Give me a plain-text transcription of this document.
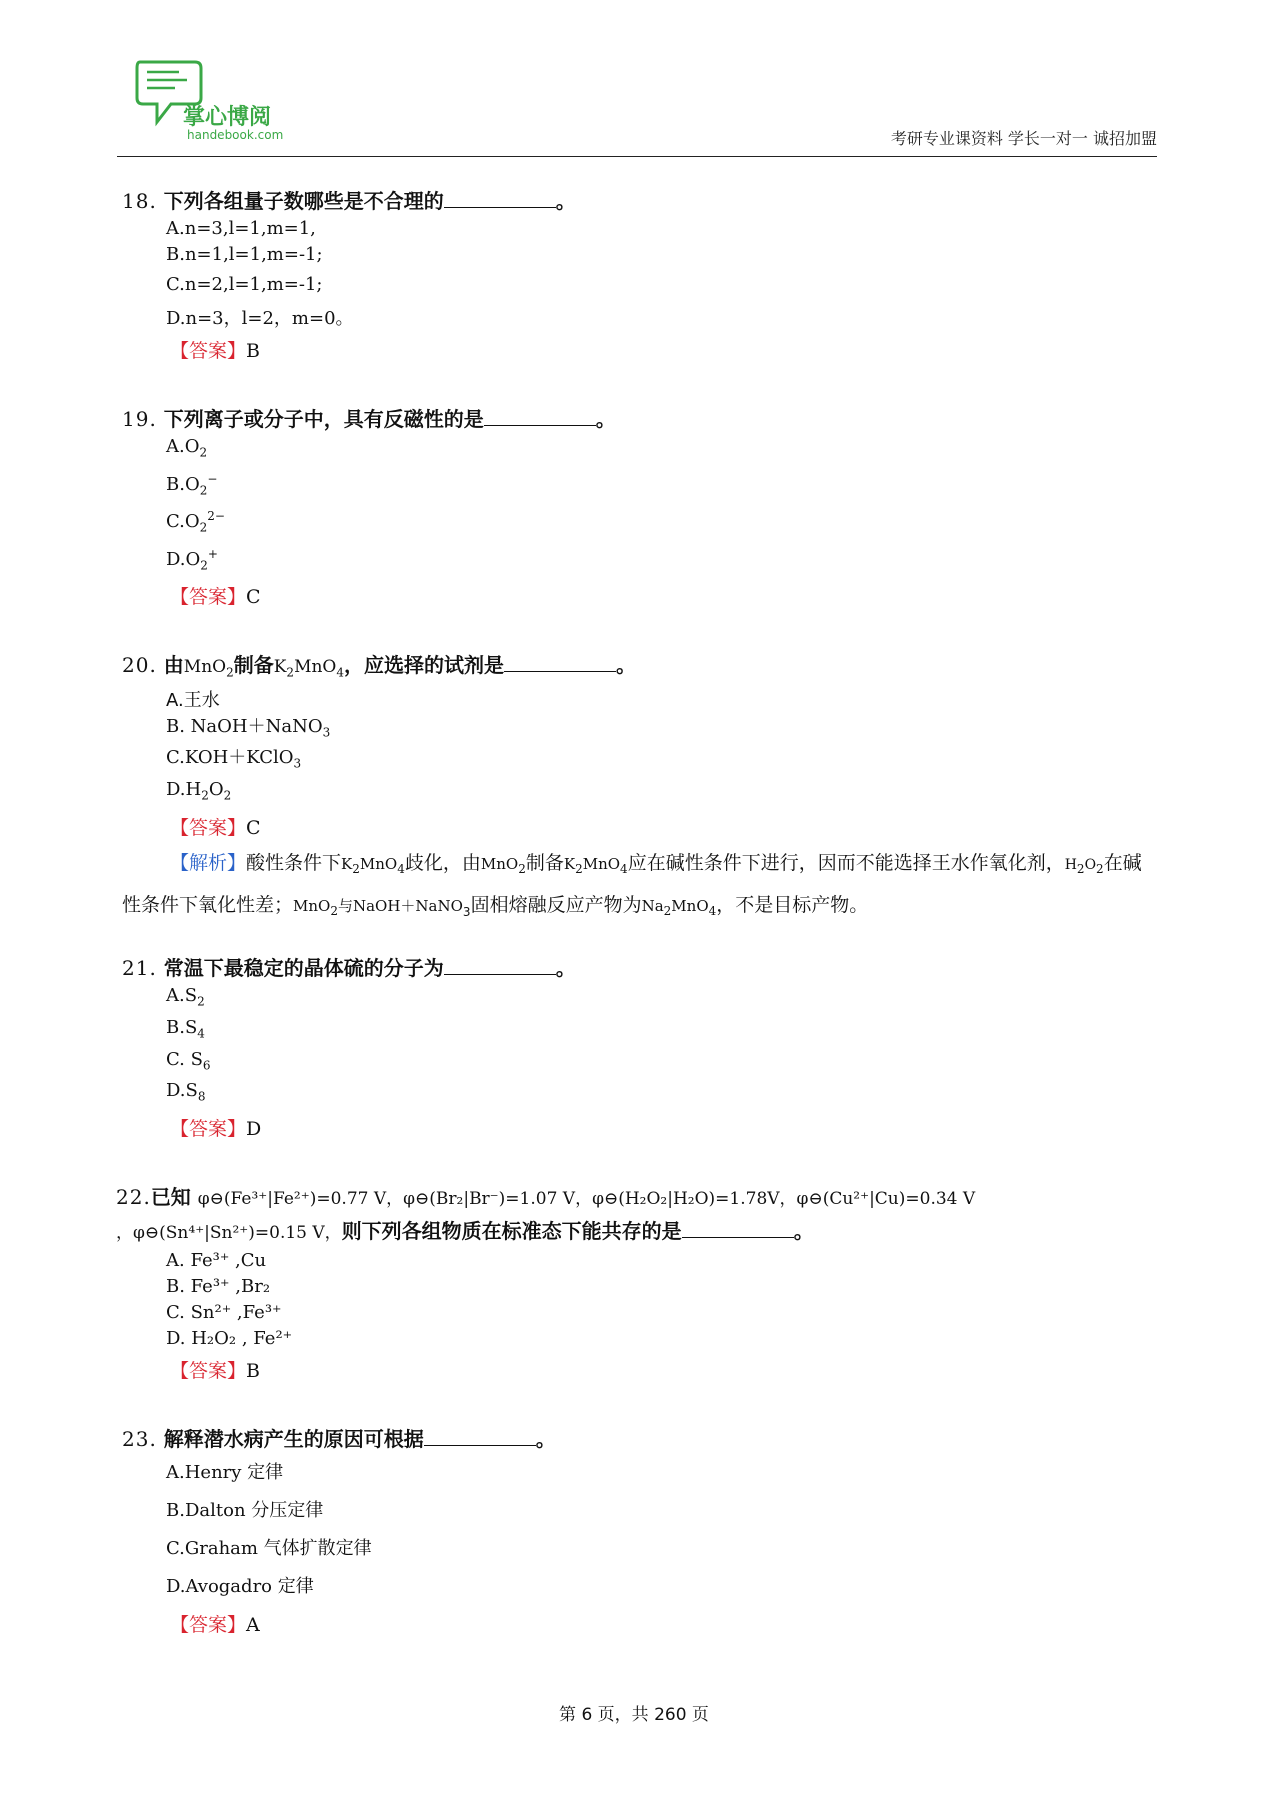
掌心博阅
handebook.com	考研专业课资料 学长一对一 诚招加盟
18. 下列各组量子数哪些是不合理的	。
A.n=3,l=1,m=1,
B.n=1,l=1,m=-1;
C.n=2,l=1,m=-1;
D.n=3，l=2，m=0。
【答案】B
19. 下列离子或分子中，具有反磁性的是	。
$A.O_2$
$B.O_2^-$
$C.O_2^{2-}$
$D.O_2^+$
【答案】C
20. 由MnO$_2$制备$K_2MnO_4$，应选择的试剂是	。
A.王水
B. NaOH＋NaNO$_3$
C.KOH＋KClO$_3$
$D.H_2O_2$
【答案】C
【解析】酸性条件下$K_2MnO_4$歧化，由MnO$_2$制备$K_2MnO_4$应在碱性条件下进行，因而不能选择王水作氧化剂，$H_2O_2$在碱性条件下氧化性差；MnO$_2$与NaOH＋NaNO$_3$固相熔融反应产物为$Na_2MnO_4$，不是目标产物。
21. 常温下最稳定的晶体硫的分子为	。
$A.S_2$
$B.S_4$
C. $S_6$
$D.S_8$
【答案】D
22.已知 φ⊖(Fe³⁺|Fe²⁺)=0.77 V，φ⊖(Br₂|Br⁻)=1.07 V，φ⊖(H₂O₂|H₂O)=1.78V，φ⊖(Cu²⁺|Cu)=0.34 V
，φ⊖(Sn⁴⁺|Sn²⁺)=0.15 V，则下列各组物质在标准态下能共存的是	。
A. Fe³⁺ ,Cu
B. Fe³⁺ ,Br₂
C. Sn²⁺ ,Fe³⁺
D. H₂O₂ , Fe²⁺
【答案】B
23. 解释潜水病产生的原因可根据	。
A.Henry 定律
B.Dalton 分压定律
C.Graham 气体扩散定律
D.Avogadro 定律
【答案】A
第 6 页，共 260 页
